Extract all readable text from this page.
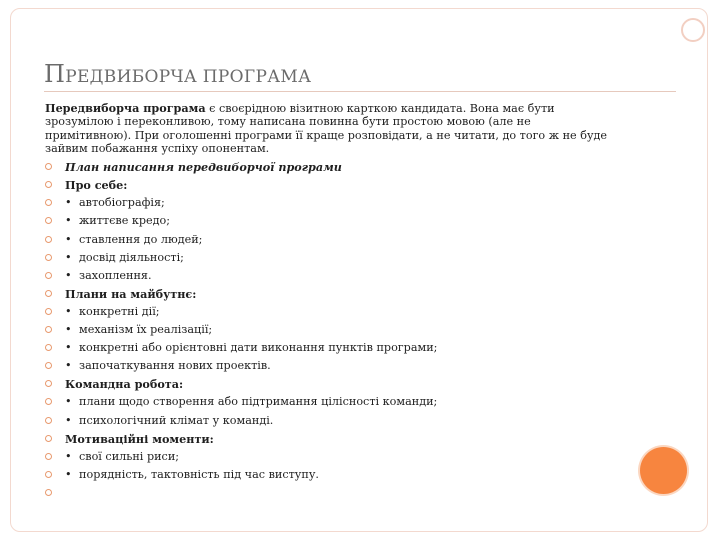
ПРЕДВИБОРЧА ПРОГРАМА

Передвиборча програма є своєрідною візитною карткою кандидата. Вона має бути зрозумілою і переконливою, тому написана повинна бути простою мовою (але не примітивною). При оголошенні програми її краще розповідати, а не читати, до того ж не буде зайвим побажання успіху опонентам.

План написання передвиборчої програми
Про себе:
• автобіографія;
• життєве кредо;
• ставлення до людей;
• досвід діяльності;
• захоплення.
Плани на майбутнє:
• конкретні дії;
• механізм їх реалізації;
• конкретні або орієнтовні дати виконання пунктів програми;
• започаткування нових проектів.
Командна робота:
• плани щодо створення або підтримання цілісності команди;
• психологічний клімат у команді.
Мотиваційні моменти:
• свої сильні риси;
• порядність, тактовність під час виступу.
